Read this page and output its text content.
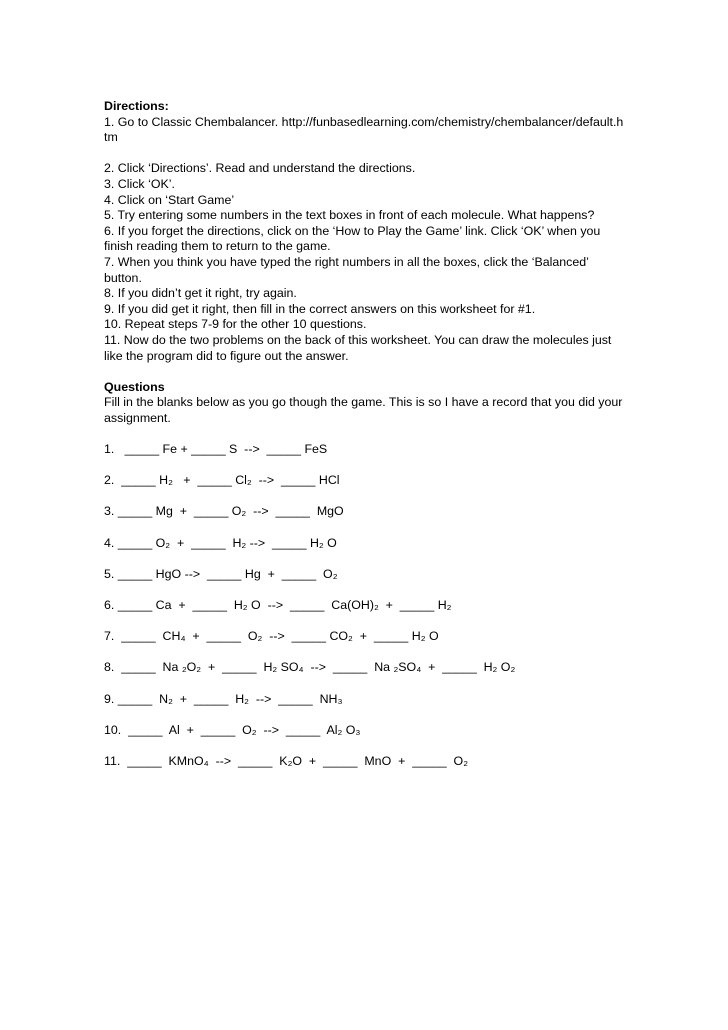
Directions:

1. Go to Classic Chembalancer. http://funbasedlearning.com/chemistry/chembalancer/default.htm

2. Click ‘Directions’. Read and understand the directions.

3. Click ‘OK’.

4. Click on ‘Start Game’

5. Try entering some numbers in the text boxes in front of each molecule. What happens?

6. If you forget the directions, click on the ‘How to Play the Game’ link. Click ‘OK’ when you finish reading them to return to the game.

7. When you think you have typed the right numbers in all the boxes, click the ‘Balanced’ button.

8. If you didn’t get it right, try again.

9. If you did get it right, then fill in the correct answers on this worksheet for #1.

10. Repeat steps 7-9 for the other 10 questions.

11. Now do the two problems on the back of this worksheet. You can draw the molecules just like the program did to figure out the answer.

Questions

Fill in the blanks below as you go though the game. This is so I have a record that you did your assignment.

1.   _____ Fe + _____ S  -->  _____ FeS

2.  _____ H₂   +  _____ Cl₂  -->  _____ HCl

3. _____ Mg  +  _____ O₂  -->  _____  MgO

4. _____ O₂  +  _____  H₂ -->  _____ H₂ O

5. _____ HgO -->  _____ Hg  +  _____  O₂

6. _____ Ca  +  _____  H₂ O  -->  _____  Ca(OH)₂  +  _____ H₂

7.  _____  CH₄  +  _____  O₂  -->  _____ CO₂  +  _____ H₂ O

8.  _____  Na ₂O₂  +  _____  H₂ SO₄  -->  _____  Na ₂SO₄  +  _____  H₂ O₂

9. _____  N₂  +  _____  H₂  -->  _____  NH₃

10.  _____  Al  +  _____  O₂  -->  _____  Al₂ O₃

11.  _____  KMnO₄  -->  _____  K₂O  +  _____  MnO  +  _____  O₂
